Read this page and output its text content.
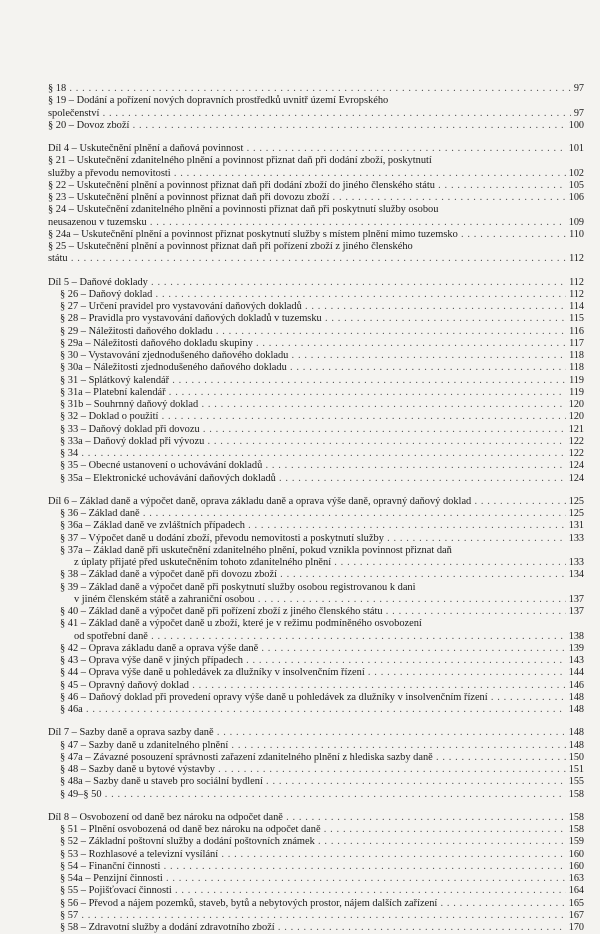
§ 18 . . .	97
§ 19 – Dodání a pořízení nových dopravních prostředků uvnitř území Evropského
společenství . . .	97
§ 20 – Dovoz zboží . . .	100
Díl 4 – Uskutečnění plnění a daňová povinnost . . .	101
§ 21 – Uskutečnění zdanitelného plnění a povinnost přiznat daň při dodání zboží, poskytnutí
služby a převodu nemovitosti . . .	102
§ 22 – Uskutečnění plnění a povinnost přiznat daň při dodání zboží do jiného členského státu . . .	105
§ 23 – Uskutečnění plnění a povinnost přiznat daň při dovozu zboží . . .	106
§ 24 – Uskutečnění zdanitelného plnění a povinnosti přiznat daň při poskytnutí služby osobou
neusazenou v tuzemsku . . .	109
§ 24a – Uskutečnění plnění a povinnost přiznat poskytnutí služby s místem plnění mimo tuzemsko . . .	110
§ 25 – Uskutečnění plnění a povinnost přiznat daň při pořízení zboží z jiného členského
státu . . .	112
Díl 5 – Daňové doklady . . .	112
§ 26 – Daňový doklad . . .	112
§ 27 – Určení pravidel pro vystavování daňových dokladů . . .	114
§ 28 – Pravidla pro vystavování daňových dokladů v tuzemsku . . .	115
§ 29 – Náležitosti daňového dokladu . . .	116
§ 29a – Náležitosti daňového dokladu skupiny . . .	117
§ 30 – Vystavování zjednodušeného daňového dokladu . . .	118
§ 30a – Náležitosti zjednodušeného daňového dokladu . . .	118
§ 31 – Splátkový kalendář . . .	119
§ 31a – Platební kalendář . . .	119
§ 31b – Souhrnný daňový doklad . . .	120
§ 32 – Doklad o použití . . .	120
§ 33 – Daňový doklad při dovozu . . .	121
§ 33a – Daňový doklad při vývozu . . .	122
§ 34 . . .	122
§ 35 – Obecné ustanovení o uchovávání dokladů . . .	124
§ 35a – Elektronické uchovávání daňových dokladů . . .	124
Díl 6 – Základ daně a výpočet daně, oprava základu daně a oprava výše daně, opravný daňový doklad . . .	125
§ 36 – Základ daně . . .	125
§ 36a – Základ daně ve zvláštních případech . . .	131
§ 37 – Výpočet daně u dodání zboží, převodu nemovitosti a poskytnutí služby . . .	133
§ 37a – Základ daně při uskutečnění zdanitelného plnění, pokud vznikla povinnost přiznat daň
z úplaty přijaté před uskutečněním tohoto zdanitelného plnění . . .	133
§ 38 – Základ daně a výpočet daně při dovozu zboží . . .	134
§ 39 – Základ daně a výpočet daně při poskytnutí služby osobou registrovanou k dani
v jiném členském státě a zahraniční osobou . . .	137
§ 40 – Základ daně a výpočet daně při pořízení zboží z jiného členského státu . . .	137
§ 41 – Základ daně a výpočet daně u zboží, které je v režimu podmíněného osvobození
od spotřební daně . . .	138
§ 42 – Oprava základu daně a oprava výše daně . . .	139
§ 43 – Oprava výše daně v jiných případech . . .	143
§ 44 – Oprava výše daně u pohledávek za dlužníky v insolvenčním řízení . . .	144
§ 45 – Opravný daňový doklad . . .	146
§ 46 – Daňový doklad při provedení opravy výše daně u pohledávek za dlužníky v insolvenčním řízení . . .	148
§ 46a . . .	148
Díl 7 – Sazby daně a oprava sazby daně . . .	148
§ 47 – Sazby daně u zdanitelného plnění . . .	148
§ 47a – Závazné posouzení správnosti zařazení zdanitelného plnění z hlediska sazby daně . . .	150
§ 48 – Sazby daně u bytové výstavby . . .	151
§ 48a – Sazby daně u staveb pro sociální bydlení . . .	155
§ 49–§ 50 . . .	158
Díl 8 – Osvobození od daně bez nároku na odpočet daně . . .	158
§ 51 – Plnění osvobozená od daně bez nároku na odpočet daně . . .	158
§ 52 – Základní poštovní služby a dodání poštovních známek . . .	159
§ 53 – Rozhlasové a televizní vysílání . . .	160
§ 54 – Finanční činnosti . . .	160
§ 54a – Penzijní činnosti . . .	163
§ 55 – Pojišťovací činnosti . . .	164
§ 56 – Převod a nájem pozemků, staveb, bytů a nebytových prostor, nájem dalších zařízení . . .	165
§ 57 . . .	167
§ 58 – Zdravotní služby a dodání zdravotního zboží . . .	170
